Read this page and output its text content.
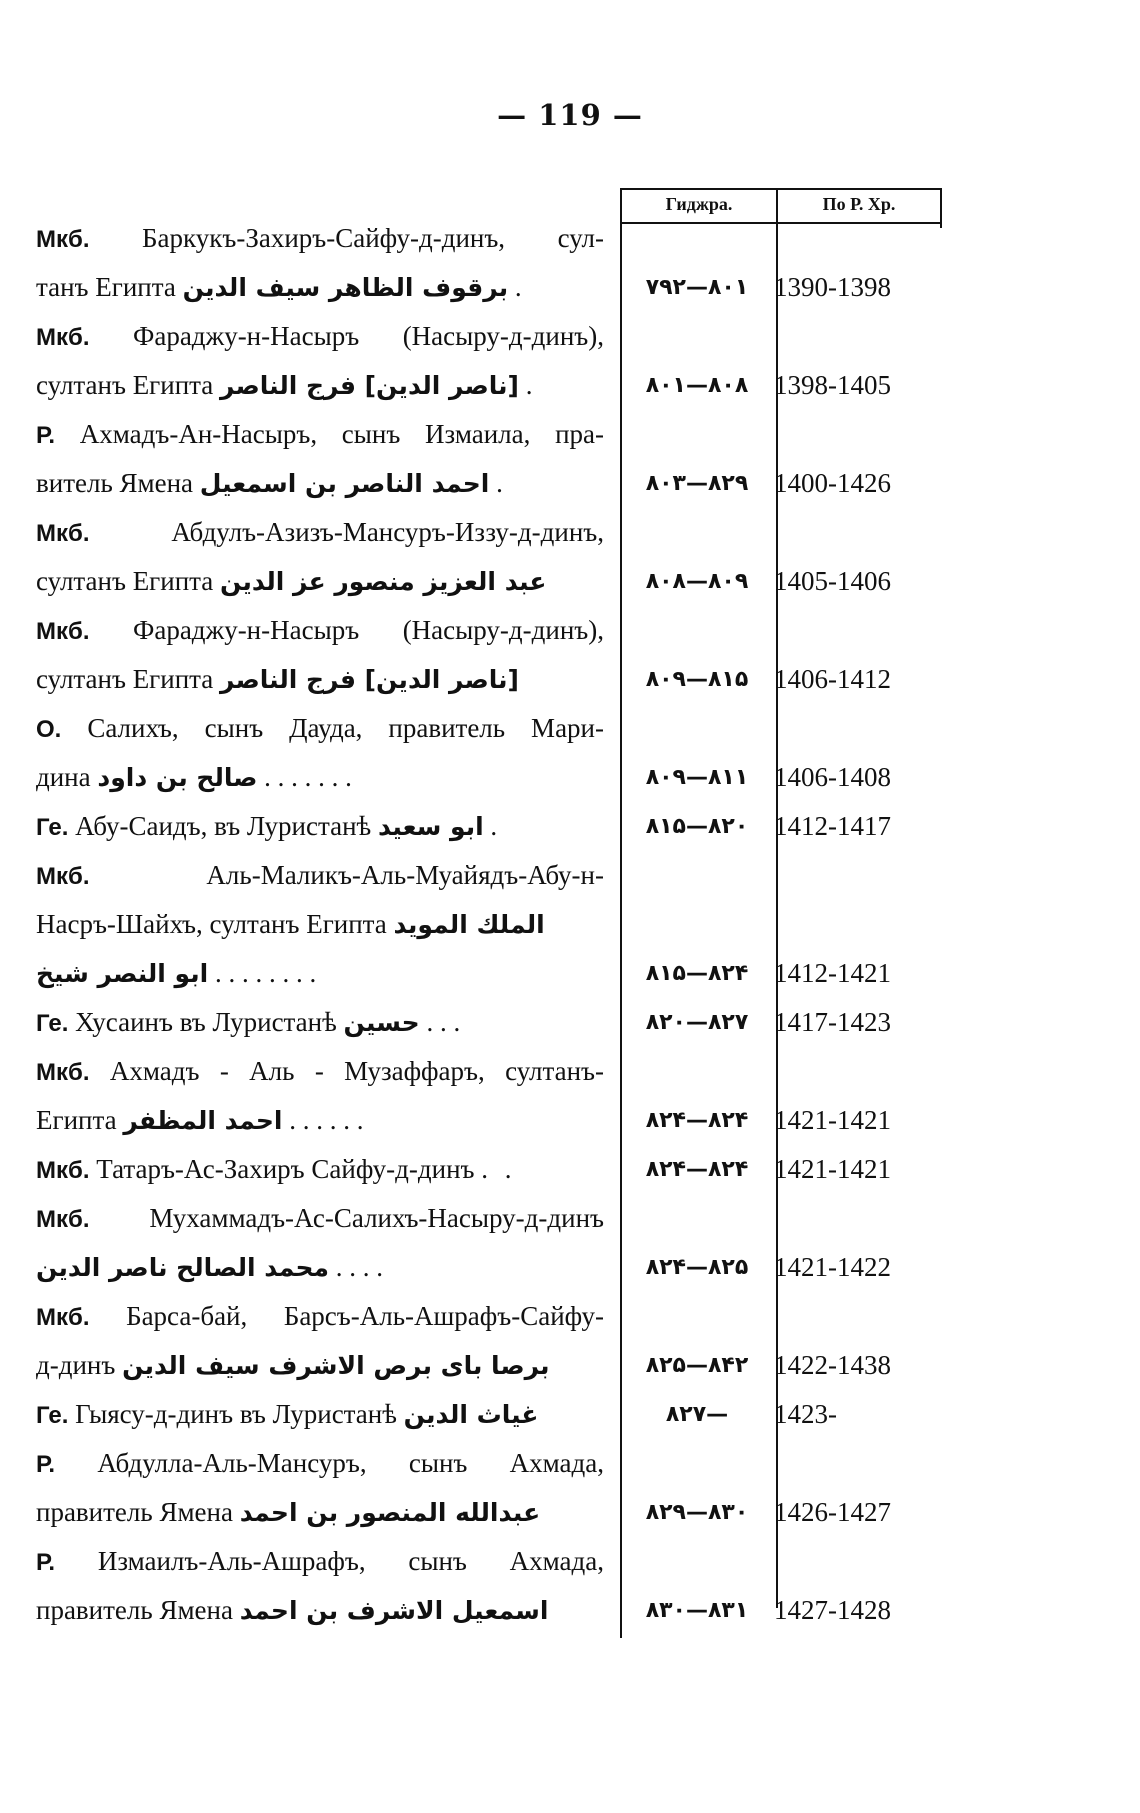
— 119 —
Гиджра.	По Р. Хр.
Мкб. Баркукъ-Захиръ-Сайфу-д-динъ, сул-
танъ Египта برقوف الظاهر سيف الدين .	۷۹۲—۸۰۱ 1390-1398
Мкб. Фараджу-н-Насыръ (Насыру-д-динъ),
султанъ Египта [ناصر الدين] فرج الناصر .	۸۰۱—۸۰۸ 1398-1405
Р. Ахмадъ-Ан-Насыръ, сынъ Измаила, пра-
витель Ямена احمد الناصر بن اسمعيل .	۸۰۳—۸۲۹ 1400-1426
Мкб. Абдулъ-Азизъ-Мансуръ-Иззу-д-динъ,
султанъ Египта عبد العزيز منصور عز الدين	۸۰۸—۸۰۹ 1405-1406
Мкб. Фараджу-н-Насыръ (Насыру-д-динъ),
султанъ Египта [ناصر الدين] فرج الناصر	۸۰۹—۸۱۵ 1406-1412
О. Салихъ, сынъ Дауда, правитель Мари-
дина صالح بن داود . . . . . . .	۸۰۹—۸۱۱ 1406-1408
Ге. Абу-Саидъ, въ Луристанѣ ابو سعيد .	۸۱۵—۸۲۰ 1412-1417
Мкб. Аль-Маликъ-Аль-Муайядъ-Абу-н-
Насръ-Шайхъ, султанъ Египта الملك المويد
ابو النصر شيخ . . . . . . . .	۸۱۵—۸۲۴ 1412-1421
Ге. Хусаинъ въ Луристанѣ حسين . . .	۸۲۰—۸۲۷ 1417-1423
Мкб. Ахмадъ - Аль - Музаффаръ, султанъ-
Египта احمد المظفر . . . . . .	۸۲۴—۸۲۴ 1421-1421
Мкб. Татаръ-Ас-Захиръ Сайфу-д-динъ . .	۸۲۴—۸۲۴ 1421-1421
Мкб. Мухаммадъ-Ас-Салихъ-Насыру-д-динъ
محمد الصالح ناصر الدين . . . .	۸۲۴—۸۲۵ 1421-1422
Мкб. Барса-бай, Барсъ-Аль-Ашрафъ-Сайфу-
д-динъ برصا باى برص الاشرف سيف الدين	۸۲۵—۸۴۲ 1422-1438
Ге. Гыясу-д-динъ въ Луристанѣ غياث الدين	۸۲۷—	1423-
Р. Абдулла-Аль-Мансуръ, сынъ Ахмада,
правитель Ямена عبدالله المنصور بن احمد	۸۲۹—۸۳۰ 1426-1427
Р. Измаилъ-Аль-Ашрафъ, сынъ Ахмада,
правитель Ямена اسمعيل الاشرف بن احمد	۸۳۰—۸۳۱ 1427-1428
